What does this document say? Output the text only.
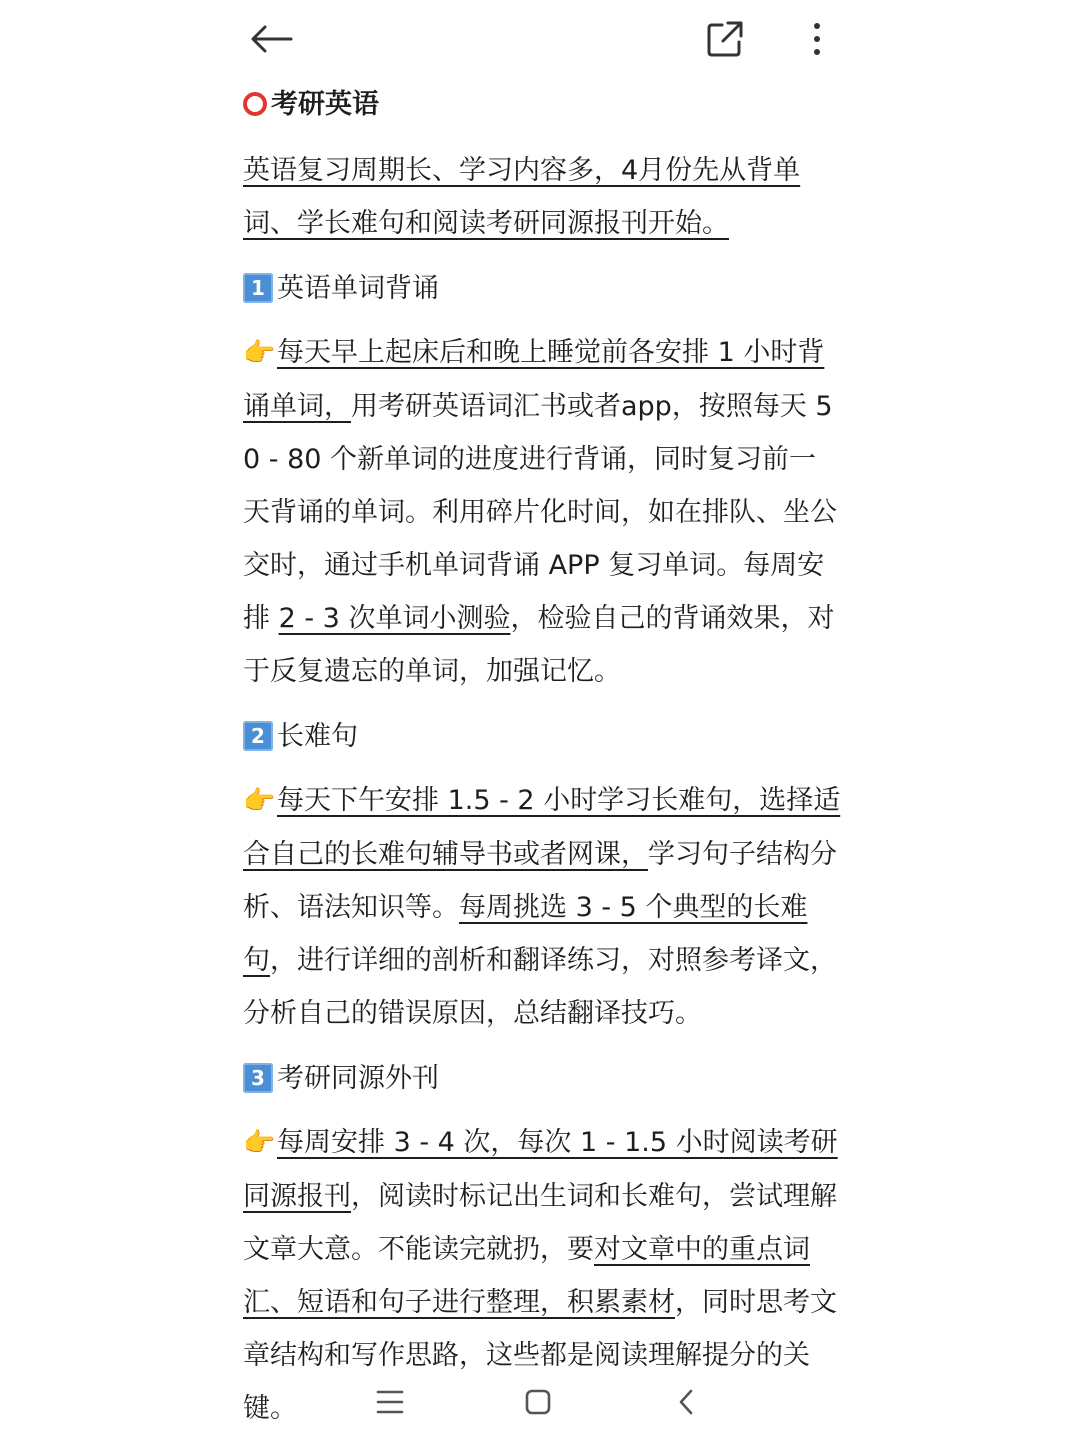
考研英语
英语复习周期长、学习内容多，4月份先从背单词、学长难句和阅读考研同源报刊开始。
1 英语单词背诵
👉每天早上起床后和晚上睡觉前各安排 1 小时背诵单词，用考研英语词汇书或者app，按照每天 50 - 80 个新单词的进度进行背诵，同时复习前一天背诵的单词。利用碎片化时间，如在排队、坐公交时，通过手机单词背诵 APP 复习单词。每周安排 2 - 3 次单词小测验，检验自己的背诵效果，对于反复遗忘的单词，加强记忆。
2 长难句
👉每天下午安排 1.5 - 2 小时学习长难句，选择适合自己的长难句辅导书或者网课，学习句子结构分析、语法知识等。每周挑选 3 - 5 个典型的长难句，进行详细的剖析和翻译练习，对照参考译文，分析自己的错误原因，总结翻译技巧。
3 考研同源外刊
👉每周安排 3 - 4 次，每次 1 - 1.5 小时阅读考研同源报刊，阅读时标记出生词和长难句，尝试理解文章大意。不能读完就扔，要对文章中的重点词汇、短语和句子进行整理，积累素材，同时思考文章结构和写作思路，这些都是阅读理解提分的关键。
